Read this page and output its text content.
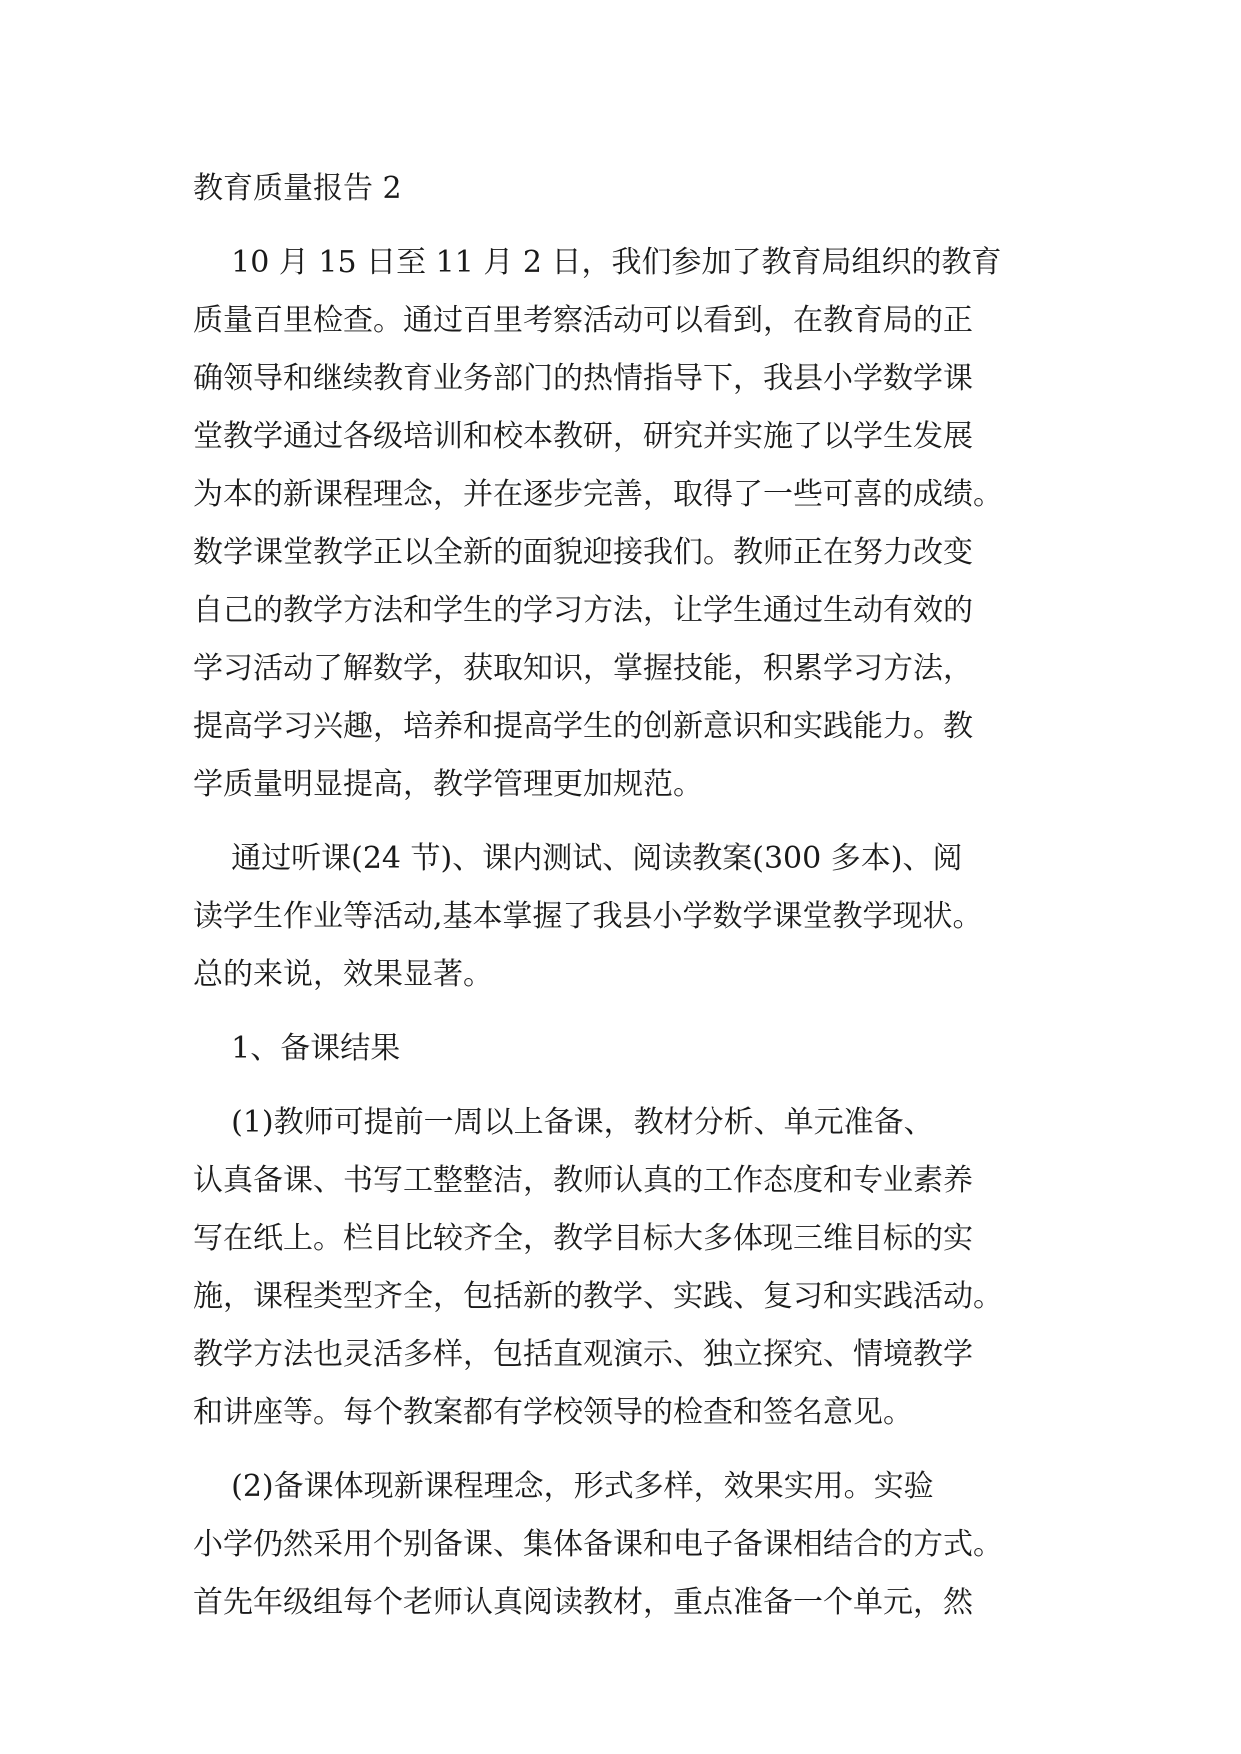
教育质量报告 2
10 月 15 日至 11 月 2 日，我们参加了教育局组织的教育
质量百里检查。通过百里考察活动可以看到，在教育局的正
确领导和继续教育业务部门的热情指导下，我县小学数学课
堂教学通过各级培训和校本教研，研究并实施了以学生发展
为本的新课程理念，并在逐步完善，取得了一些可喜的成绩。
数学课堂教学正以全新的面貌迎接我们。教师正在努力改变
自己的教学方法和学生的学习方法，让学生通过生动有效的
学习活动了解数学，获取知识，掌握技能，积累学习方法，
提高学习兴趣，培养和提高学生的创新意识和实践能力。教
学质量明显提高，教学管理更加规范。
通过听课(24 节)、课内测试、阅读教案(300 多本)、阅
读学生作业等活动,基本掌握了我县小学数学课堂教学现状。
总的来说，效果显著。
1、备课结果
(1)教师可提前一周以上备课，教材分析、单元准备、
认真备课、书写工整整洁，教师认真的工作态度和专业素养
写在纸上。栏目比较齐全，教学目标大多体现三维目标的实
施，课程类型齐全，包括新的教学、实践、复习和实践活动。
教学方法也灵活多样，包括直观演示、独立探究、情境教学
和讲座等。每个教案都有学校领导的检查和签名意见。
(2)备课体现新课程理念，形式多样，效果实用。实验
小学仍然采用个别备课、集体备课和电子备课相结合的方式。
首先年级组每个老师认真阅读教材，重点准备一个单元，然
